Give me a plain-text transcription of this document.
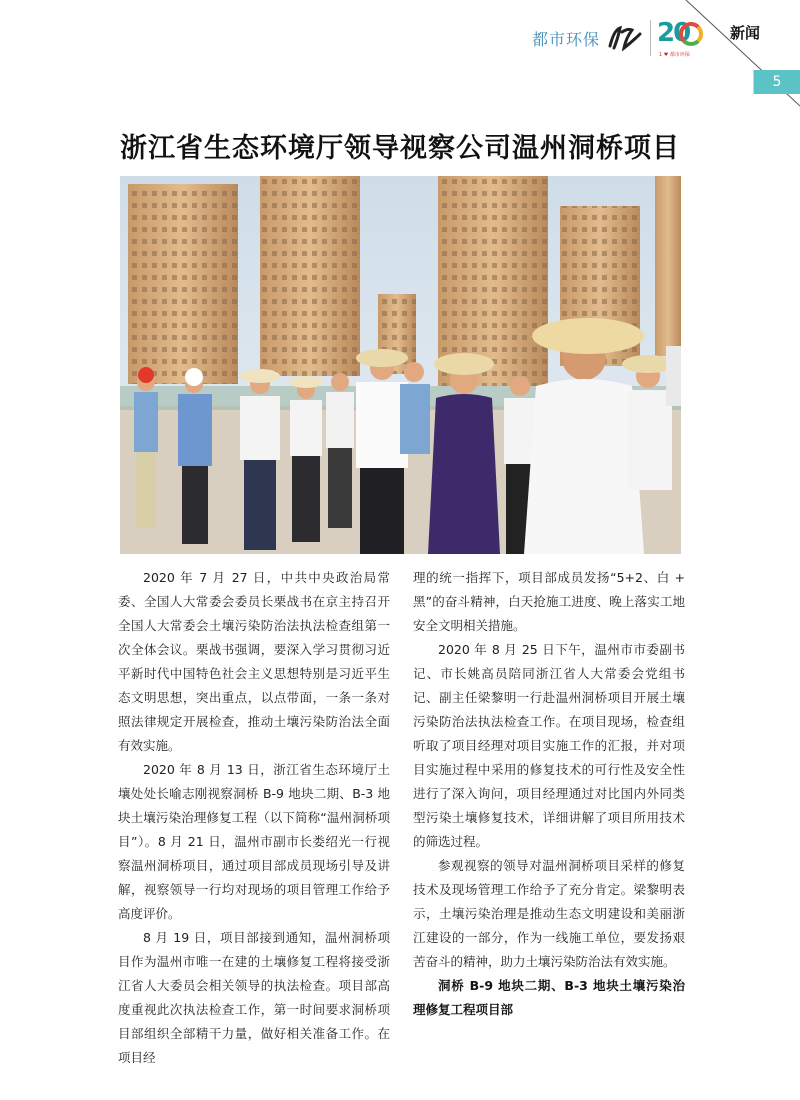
都市环保 20
1 ♥ 都市环保
新闻
5
浙江省生态环境厅领导视察公司温州洞桥项目

2020 年 7 月 27 日，中共中央政治局常委、全国人大常委会委员长栗战书在京主持召开全国人大常委会土壤污染防治法执法检查组第一次全体会议。栗战书强调，要深入学习贯彻习近平新时代中国特色社会主义思想特别是习近平生态文明思想，突出重点，以点带面，一条一条对照法律规定开展检查，推动土壤污染防治法全面有效实施。

2020 年 8 月 13 日，浙江省生态环境厅土壤处处长喻志刚视察洞桥 B-9 地块二期、B-3 地块土壤污染治理修复工程（以下简称“温州洞桥项目”）。8 月 21 日，温州市副市长娄绍光一行视察温州洞桥项目，通过项目部成员现场引导及讲解，视察领导一行均对现场的项目管理工作给予高度评价。

8 月 19 日，项目部接到通知，温州洞桥项目作为温州市唯一在建的土壤修复工程将接受浙江省人大委员会相关领导的执法检查。项目部高度重视此次执法检查工作，第一时间要求洞桥项目部组织全部精干力量，做好相关准备工作。在项目经

理的统一指挥下，项目部成员发扬“5+2、白 + 黑”的奋斗精神，白天抢施工进度、晚上落实工地安全文明相关措施。

2020 年 8 月 25 日下午，温州市市委副书记、市长姚高员陪同浙江省人大常委会党组书记、副主任梁黎明一行赴温州洞桥项目开展土壤污染防治法执法检查工作。在项目现场，检查组听取了项目经理对项目实施工作的汇报，并对项目实施过程中采用的修复技术的可行性及安全性进行了深入询问，项目经理通过对比国内外同类型污染土壤修复技术，详细讲解了项目所用技术的筛选过程。

参观视察的领导对温州洞桥项目采样的修复技术及现场管理工作给予了充分肯定。梁黎明表示，土壤污染治理是推动生态文明建设和美丽浙江建设的一部分，作为一线施工单位，要发扬艰苦奋斗的精神，助力土壤污染防治法有效实施。

洞桥 B-9 地块二期、B-3 地块土壤污染治理修复工程项目部
